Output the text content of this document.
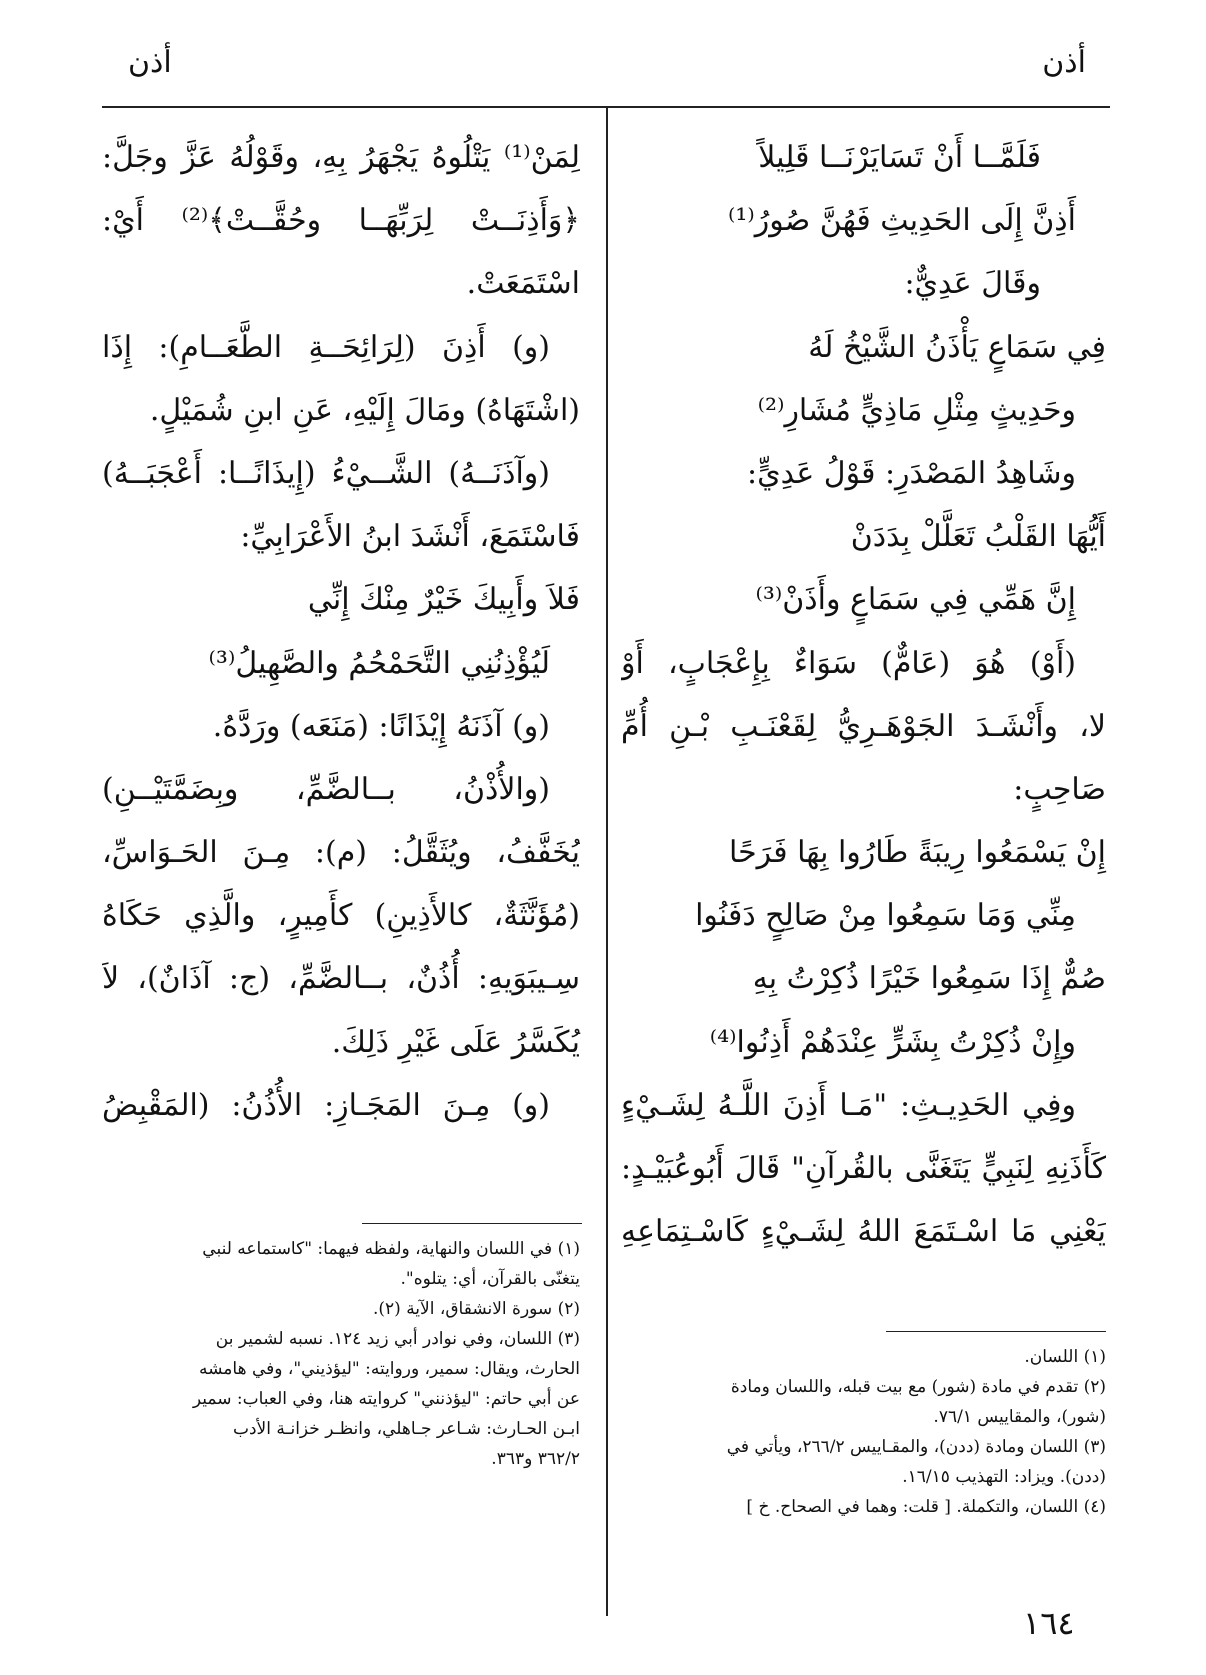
أذن
أذن
فَلَمَّــا أَنْ تَسَايَرْنَــا قَلِيلاً
أَذِنَّ إِلَى الحَدِيثِ فَهُنَّ صُورُ⁽¹⁾
وقَالَ عَدِيٌّ:
فِي سَمَاعٍ يَأْذَنُ الشَّيْخُ لَهُ
وحَدِيثٍ مِثْلِ مَاذِيٍّ مُشَارِ⁽²⁾
وشَاهِدُ المَصْدَرِ: قَوْلُ عَدِيٍّ:
أَيُّهَا القَلْبُ تَعَلَّلْ بِدَدَنْ
إِنَّ هَمِّي فِي سَمَاعٍ وأَذَنْ⁽³⁾
(أَوْ) هُوَ (عَامٌّ) سَوَاءٌ بِإِعْجَابٍ، أَوْ
لا، وأَنْشَـدَ الجَوْهَـرِيُّ لِقَعْنَـبِ بْـنِ أُمِّ
صَاحِبٍ:
إِنْ يَسْمَعُوا رِيبَةً طَارُوا بِهَا فَرَحًا
مِنِّي وَمَا سَمِعُوا مِنْ صَالِحٍ دَفَنُوا
صُمٌّ إِذَا سَمِعُوا خَيْرًا ذُكِرْتُ بِهِ
وإِنْ ذُكِرْتُ بِشَرٍّ عِنْدَهُمْ أَذِنُوا⁽⁴⁾
وفِي الحَدِيـثِ: "مَـا أَذِنَ اللَّـهُ لِشَـيْءٍ
كَأَذَنِهِ لِنَبِيٍّ يَتَغَنَّى بالقُرآنِ" قَالَ أَبُوعُبَيْـدٍ:
يَعْنِي مَا اسْـتَمَعَ اللهُ لِشَـيْءٍ كَاسْـتِمَاعِهِ
لِمَنْ⁽¹⁾ يَتْلُوهُ يَجْهَرُ بِهِ، وقَوْلُهُ عَزَّ وجَلَّ:
﴿وَأَذِنَــتْ لِرَبِّهَــا وحُقَّــتْ﴾⁽²⁾ أَيْ:
اسْتَمَعَتْ.
(و) أَذِنَ (لِرَائِحَــةِ الطَّعَــامِ): إِذَا
(اشْتَهَاهُ) ومَالَ إِلَيْهِ، عَنِ ابنِ شُمَيْلٍ.
(وآذَنَــهُ) الشَّــيْءُ (إِيذَانًــا: أَعْجَبَــهُ)
فَاسْتَمَعَ، أَنْشَدَ ابنُ الأَعْرَابِيِّ:
فَلاَ وأَبِيكَ خَيْرٌ مِنْكَ إِنِّي
لَيُؤْذِنُنِي التَّحَمْحُمُ والصَّهِيلُ⁽³⁾
(و) آذَنَهُ إِيْذَانًا: (مَنَعَه) ورَدَّهُ.
(والأُذْنُ، بــالضَّمِّ، وبِضَمَّتَيْــنِ)
يُخَفَّفُ، ويُثَقَّلُ: (م): مِـنَ الحَـوَاسِّ،
(مُؤَنَّثَةٌ، كالأَذِينِ) كأَمِيرٍ، والَّذِي حَكَاهُ
سِـيبَوَيهِ: أُذُنٌ، بــالضَّمِّ، (ج: آذَانٌ)، لاَ
يُكَسَّرُ عَلَى غَيْرِ ذَلِكَ.
(و) مِـنَ المَجَـازِ: الأُذُنُ: (المَقْبِضُ

(١) اللسان.

(٢) تقدم في مادة (شور) مع بيت قبله، واللسان ومادة

(شور)، والمقاييس ٧٦/١.

(٣) اللسان ومادة (ددن)، والمقـاييس ٢٦٦/٢، ويأتي في

(ددن). ويزاد: التهذيب ١٦/١٥.

(٤) اللسان، والتكملة. [ قلت: وهما في الصحاح. خ ]

(١) في اللسان والنهاية، ولفظه فيهما: "كاستماعه لنبي

يتغنّى بالقرآن، أي: يتلوه".

(٢) سورة الانشقاق، الآية (٢).

(٣) اللسان، وفي نوادر أبي زيد ١٢٤. نسبه لشمير بن

الحارث، ويقال: سمير، وروايته: "ليؤذيني"، وفي هامشه

عن أبي حاتم: "ليؤذنني" كروايته هنا، وفي العباب: سمير

ابـن الحـارث: شـاعر جـاهلي، وانظـر خزانـة الأدب

٣٦٢/٢ و٣٦٣.

١٦٤
